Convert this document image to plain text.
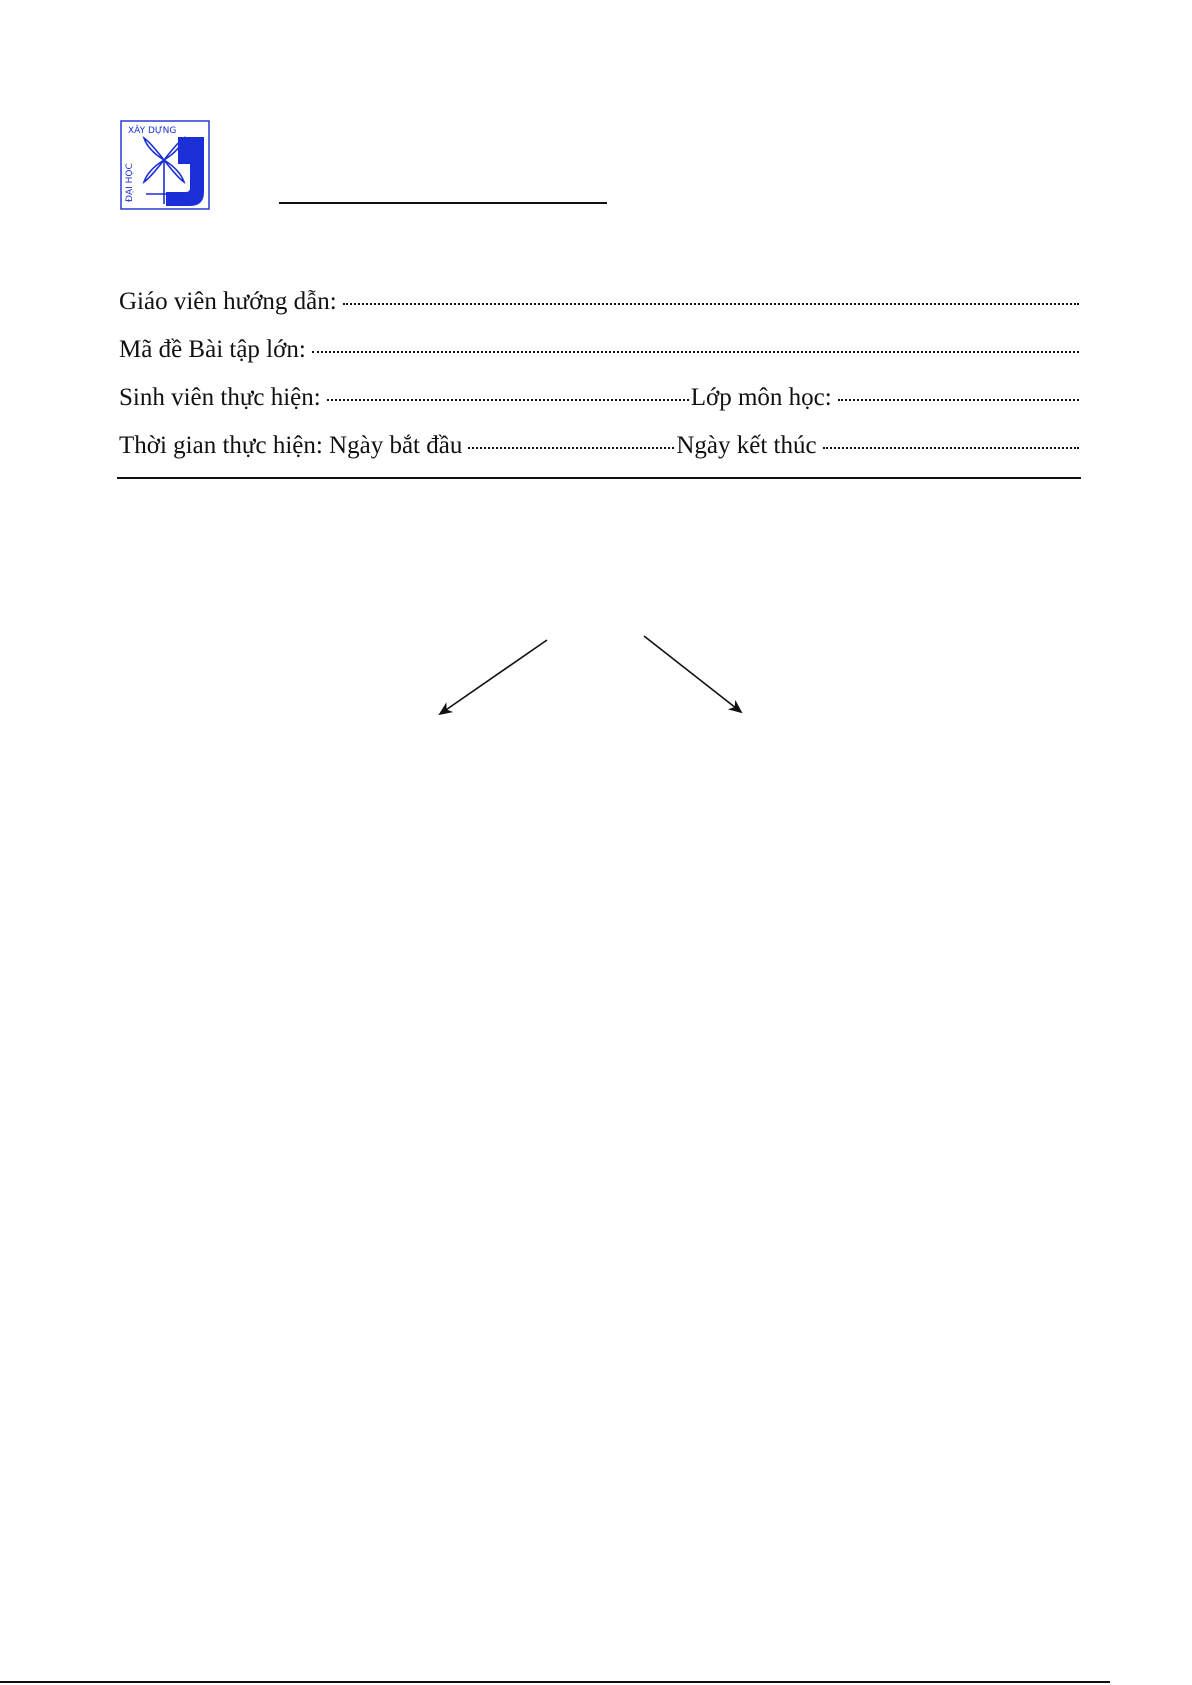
XÂY DỰNG
ĐẠI HỌC
Giáo viên hướng dẫn:
Mã đề Bài tập lớn:
Sinh viên thực hiện:	Lớp môn học:
Thời gian thực hiện: Ngày bắt đầu	Ngày kết thúc
